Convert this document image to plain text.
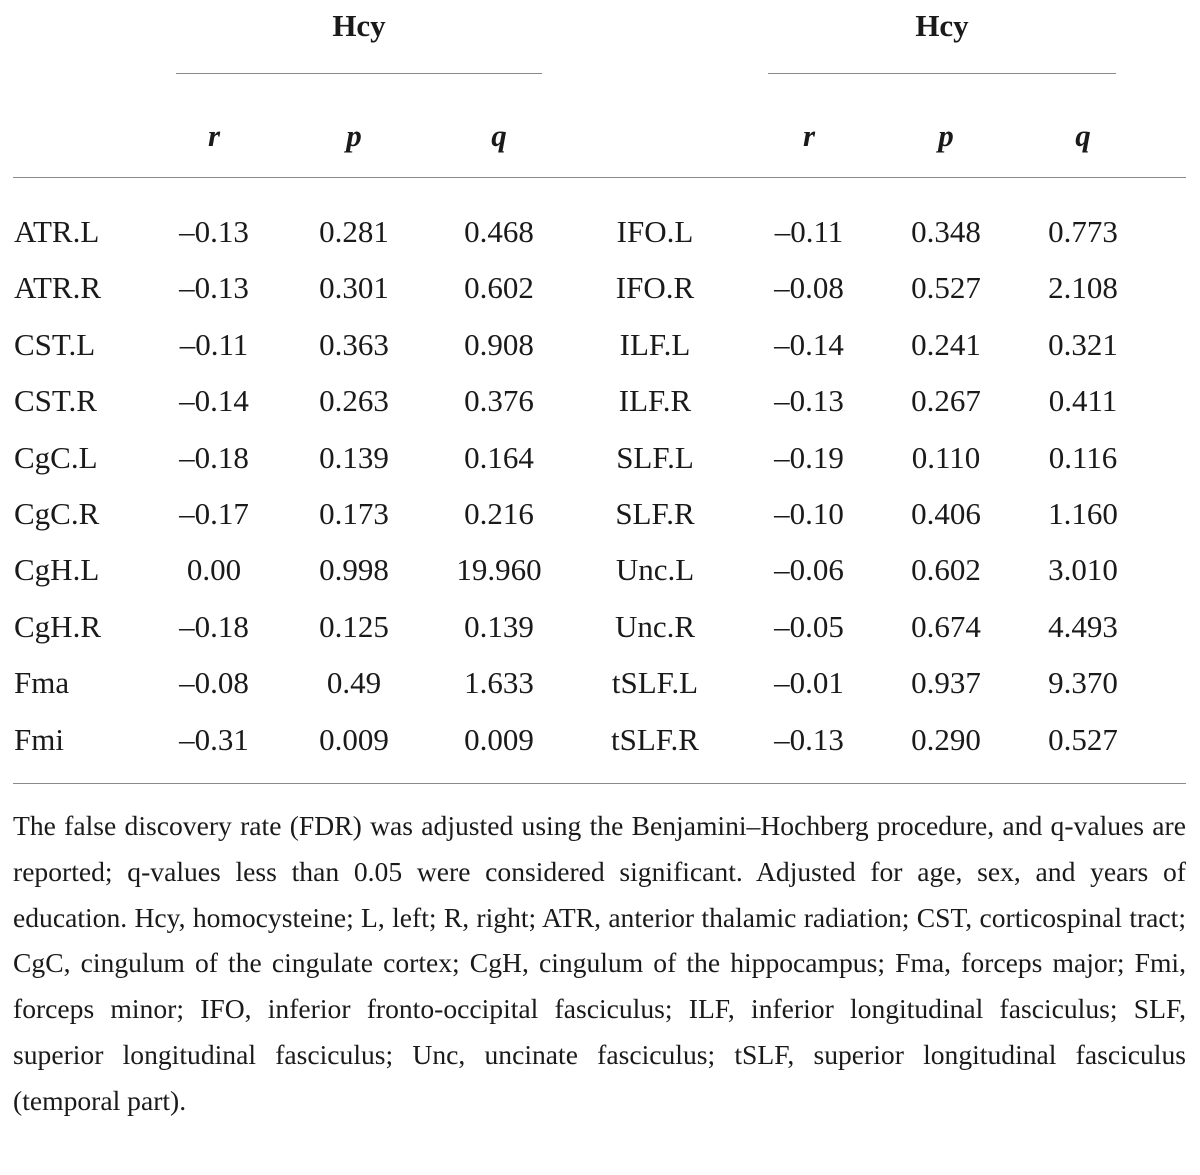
Hcy	Hcy
r	p	q	r	p	q
ATR.L	–0.13	0.281	0.468	IFO.L	–0.11	0.348	0.773
ATR.R	–0.13	0.301	0.602	IFO.R	–0.08	0.527	2.108
CST.L	–0.11	0.363	0.908	ILF.L	–0.14	0.241	0.321
CST.R	–0.14	0.263	0.376	ILF.R	–0.13	0.267	0.411
CgC.L	–0.18	0.139	0.164	SLF.L	–0.19	0.110	0.116
CgC.R	–0.17	0.173	0.216	SLF.R	–0.10	0.406	1.160
CgH.L	0.00	0.998	19.960	Unc.L	–0.06	0.602	3.010
CgH.R	–0.18	0.125	0.139	Unc.R	–0.05	0.674	4.493
Fma	–0.08	0.49	1.633	tSLF.L	–0.01	0.937	9.370
Fmi	–0.31	0.009	0.009	tSLF.R	–0.13	0.290	0.527

The false discovery rate (FDR) was adjusted using the Benjamini–Hochberg procedure, and q-values are reported; q-values less than 0.05 were considered significant. Adjusted for age, sex, and years of education. Hcy, homocysteine; L, left; R, right; ATR, anterior thalamic radiation; CST, corticospinal tract; CgC, cingulum of the cingulate cortex; CgH, cingulum of the hippocampus; Fma, forceps major; Fmi, forceps minor; IFO, inferior fronto-occipital fasciculus; ILF, inferior longitudinal fasciculus; SLF, superior longitudinal fasciculus; Unc, uncinate fasciculus; tSLF, superior longitudinal fasciculus (temporal part).
